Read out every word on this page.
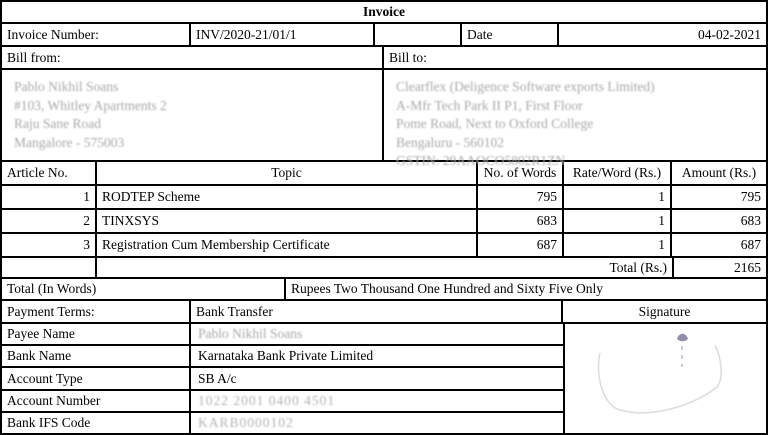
Invoice
Invoice Number:	INV/2020-21/01/1	Date	04-02-2021
Bill from:	Bill to:
Pablo Nikhil Soans
#103, Whitley Apartments 2
Raju Sane Road
Mangalore - 575003
Clearflex (Deligence Software exports Limited)
A-Mfr Tech Park II P1, First Floor
Pome Road, Next to Oxford College
Bengaluru - 560102
GSTIN: 29AAOCO5802R1ZN
Article No.	Topic	No. of Words	Rate/Word (Rs.)	Amount (Rs.)
1 RODTEP Scheme	795	1	795
2 TINXSYS	683	1	683
3 Registration Cum Membership Certificate	687	1	687
Total (Rs.)	2165
Total (In Words)	Rupees Two Thousand One Hundred and Sixty Five Only
Payment Terms:	Bank Transfer	Signature
Payee Name	Pablo Nikhil Soans
Bank Name	Karnataka Bank Private Limited
Account Type	SB A/c
Account Number	1022 2001 0400 4501
Bank IFS Code	KARB0000102
